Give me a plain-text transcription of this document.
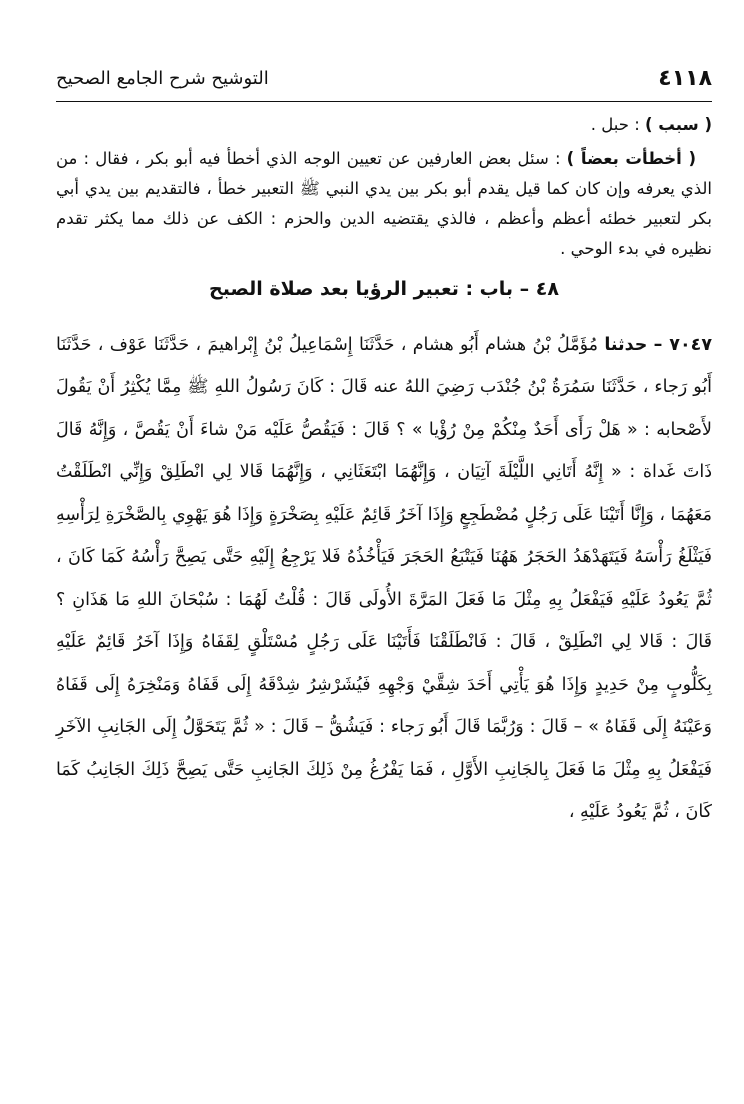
٤١١٨
التوشيح شرح الجامع الصحيح

( سبب ) : حبل .

( أخطأت بعضاً ) : سئل بعض العارفين عن تعيين الوجه الذي أخطأ فيه أبو بكر ، فقال : من الذي يعرفه وإن كان كما قيل يقدم أبو بكر بين يدي النبي ﷺ التعبير خطأ ، فالتقديم بين يدي أبي بكر لتعبير خطئه أعظم وأعظم ، فالذي يقتضيه الدين والحزم : الكف عن ذلك مما يكثر تقدم نظيره في بدء الوحي .

٤٨ – باب : تعبير الرؤيا بعد صلاة الصبح

٧٠٤٧ – حدثنا مُؤَمَّلُ بْنُ هشام أَبُو هشام ، حَدَّثَنَا إِسْمَاعِيلُ بْنُ إِبْراهيمَ ، حَدَّثَنَا عَوْف ، حَدَّثَنَا أَبُو رَجاء ، حَدَّثَنَا سَمُرَةُ بْنُ جُنْدَب رَضِيَ اللهُ عنه قَالَ : كَانَ رَسُولُ اللهِ ﷺ مِمَّا يُكْثِرُ أَنْ يَقُولَ لأَصْحابه : « هَلْ رَأَى أَحَدٌ مِنْكُمْ مِنْ رُؤْيا » ؟ قَالَ : فَيَقُصُّ عَلَيْه مَنْ شاءَ أَنْ يَقُصَّ ، وَإِنَّهُ قَالَ ذَاتَ غَداة : « إِنَّهُ أَتَانِي اللَّيْلَةَ آتِيَان ، وَإِنَّهُمَا ابْتَعَثَانِي ، وَإِنَّهُمَا قَالا لِي انْطَلِقْ وَإِنِّي انْطَلَقْتُ مَعَهُمَا ، وَإِنَّا أَتَيْنَا عَلَى رَجُلٍ مُضْطَجِعٍ وَإِذَا آخَرُ قَائِمٌ عَلَيْهِ بِصَخْرَةٍ وَإِذَا هُوَ يَهْوِي بِالصَّخْرَةِ لِرَأْسِهِ فَيَثْلَغُ رَأْسَهُ فَيَتَهَدْهَدُ الحَجَرُ هَهُنَا فَيَتْبَعُ الحَجَرَ فَيَأْخُذُهُ فَلا يَرْجِعُ إِلَيْهِ حَتَّى يَصِحَّ رَأْسُهُ كَمَا كَانَ ، ثُمَّ يَعُودُ عَلَيْهِ فَيَفْعَلُ بِهِ مِثْلَ مَا فَعَلَ المَرَّةَ الأُولَى قَالَ : قُلْتُ لَهُمَا : سُبْحَانَ اللهِ مَا هَذَانِ ؟ قَالَ : قَالا لِي انْطَلِقْ ، قَالَ : فَانْطَلَقْنَا فَأَتَيْنَا عَلَى رَجُلٍ مُسْتَلْقٍ لِقَفَاهُ وَإِذَا آخَرُ قَائِمٌ عَلَيْهِ بِكَلُّوبٍ مِنْ حَدِيدٍ وَإِذَا هُوَ يَأْتِي أَحَدَ شِقَّيْ وَجْهِهِ فَيُشَرْشِرُ شِدْقَهُ إِلَى قَفَاهُ وَمَنْخِرَهُ إِلَى قَفَاهُ وَعَيْنَهُ إِلَى قَفَاهُ » – قَالَ : وَرُبَّمَا قَالَ أَبُو رَجاء : فَيَشُقُّ – قَالَ : « ثُمَّ يَتَحَوَّلُ إِلَى الجَانِبِ الآخَرِ فَيَفْعَلُ بِهِ مِثْلَ مَا فَعَلَ بِالجَانِبِ الأَوَّلِ ، فَمَا يَفْرُغُ مِنْ ذَلِكَ الجَانِبِ حَتَّى يَصِحَّ ذَلِكَ الجَانِبُ كَمَا كَانَ ، ثُمَّ يَعُودُ عَلَيْهِ ،
